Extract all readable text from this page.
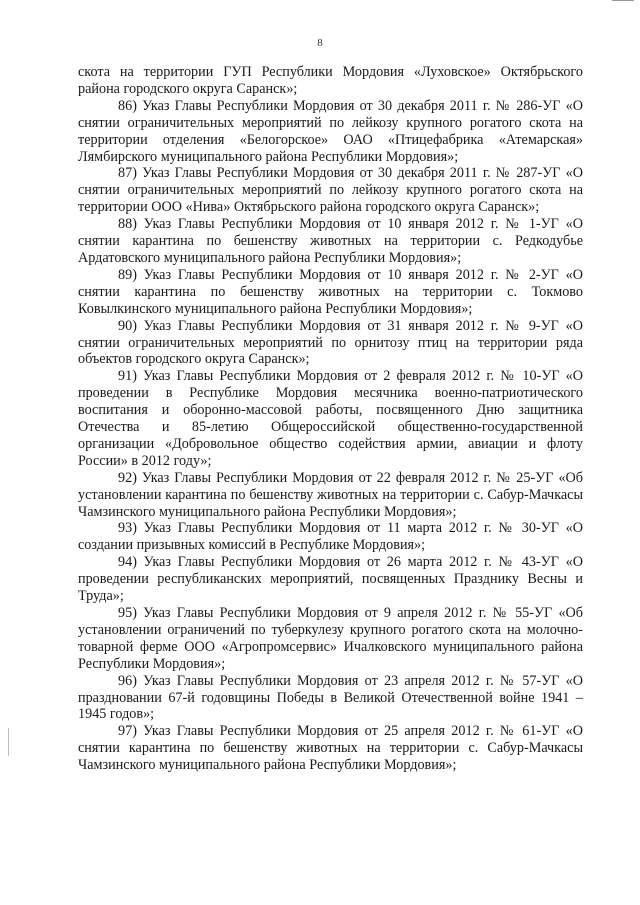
8

скота на территории ГУП Республики Мордовия «Луховское» Октябрьского района городского округа Саранск»;

86) Указ Главы Республики Мордовия от 30 декабря 2011 г. № 286-УГ «О снятии ограничительных мероприятий по лейкозу крупного рогатого скота на территории отделения «Белогорское» ОАО «Птицефабрика «Атемарская» Лямбирского муниципального района Республики Мордовия»;

87) Указ Главы Республики Мордовия от 30 декабря 2011 г. № 287-УГ «О снятии ограничительных мероприятий по лейкозу крупного рогатого скота на территории ООО «Нива» Октябрьского района городского округа Саранск»;

88) Указ Главы Республики Мордовия от 10 января 2012 г. № 1-УГ «О снятии карантина по бешенству животных на территории с. Редкодубье Ардатовского муниципального района Республики Мордовия»;

89) Указ Главы Республики Мордовия от 10 января 2012 г. № 2-УГ «О снятии карантина по бешенству животных на территории с. Токмово Ковылкинского муниципального района Республики Мордовия»;

90) Указ Главы Республики Мордовия от 31 января 2012 г. № 9-УГ «О снятии ограничительных мероприятий по орнитозу птиц на территории ряда объектов городского округа Саранск»;

91) Указ Главы Республики Мордовия от 2 февраля 2012 г. № 10-УГ «О проведении в Республике Мордовия месячника военно-патриотического воспитания и оборонно-массовой работы, посвященного Дню защитника Отечества и 85-летию Общероссийской общественно-государственной организации «Добровольное общество содействия армии, авиации и флоту России» в 2012 году»;

92) Указ Главы Республики Мордовия от 22 февраля 2012 г. № 25-УГ «Об установлении карантина по бешенству животных на территории с. Сабур-Мачкасы Чамзинского муниципального района Республики Мордовия»;

93) Указ Главы Республики Мордовия от 11 марта 2012 г. № 30-УГ «О создании призывных комиссий в Республике Мордовия»;

94) Указ Главы Республики Мордовия от 26 марта 2012 г. № 43-УГ «О проведении республиканских мероприятий, посвященных Празднику Весны и Труда»;

95) Указ Главы Республики Мордовия от 9 апреля 2012 г. № 55-УГ «Об установлении ограничений по туберкулезу крупного рогатого скота на молочно-товарной ферме ООО «Агропромсервис» Ичалковского муниципального района Республики Мордовия»;

96) Указ Главы Республики Мордовия от 23 апреля 2012 г. № 57-УГ «О праздновании 67-й годовщины Победы в Великой Отечественной войне 1941 – 1945 годов»;

97) Указ Главы Республики Мордовия от 25 апреля 2012 г. № 61-УГ «О снятии карантина по бешенству животных на территории с. Сабур-Мачкасы Чамзинского муниципального района Республики Мордовия»;
